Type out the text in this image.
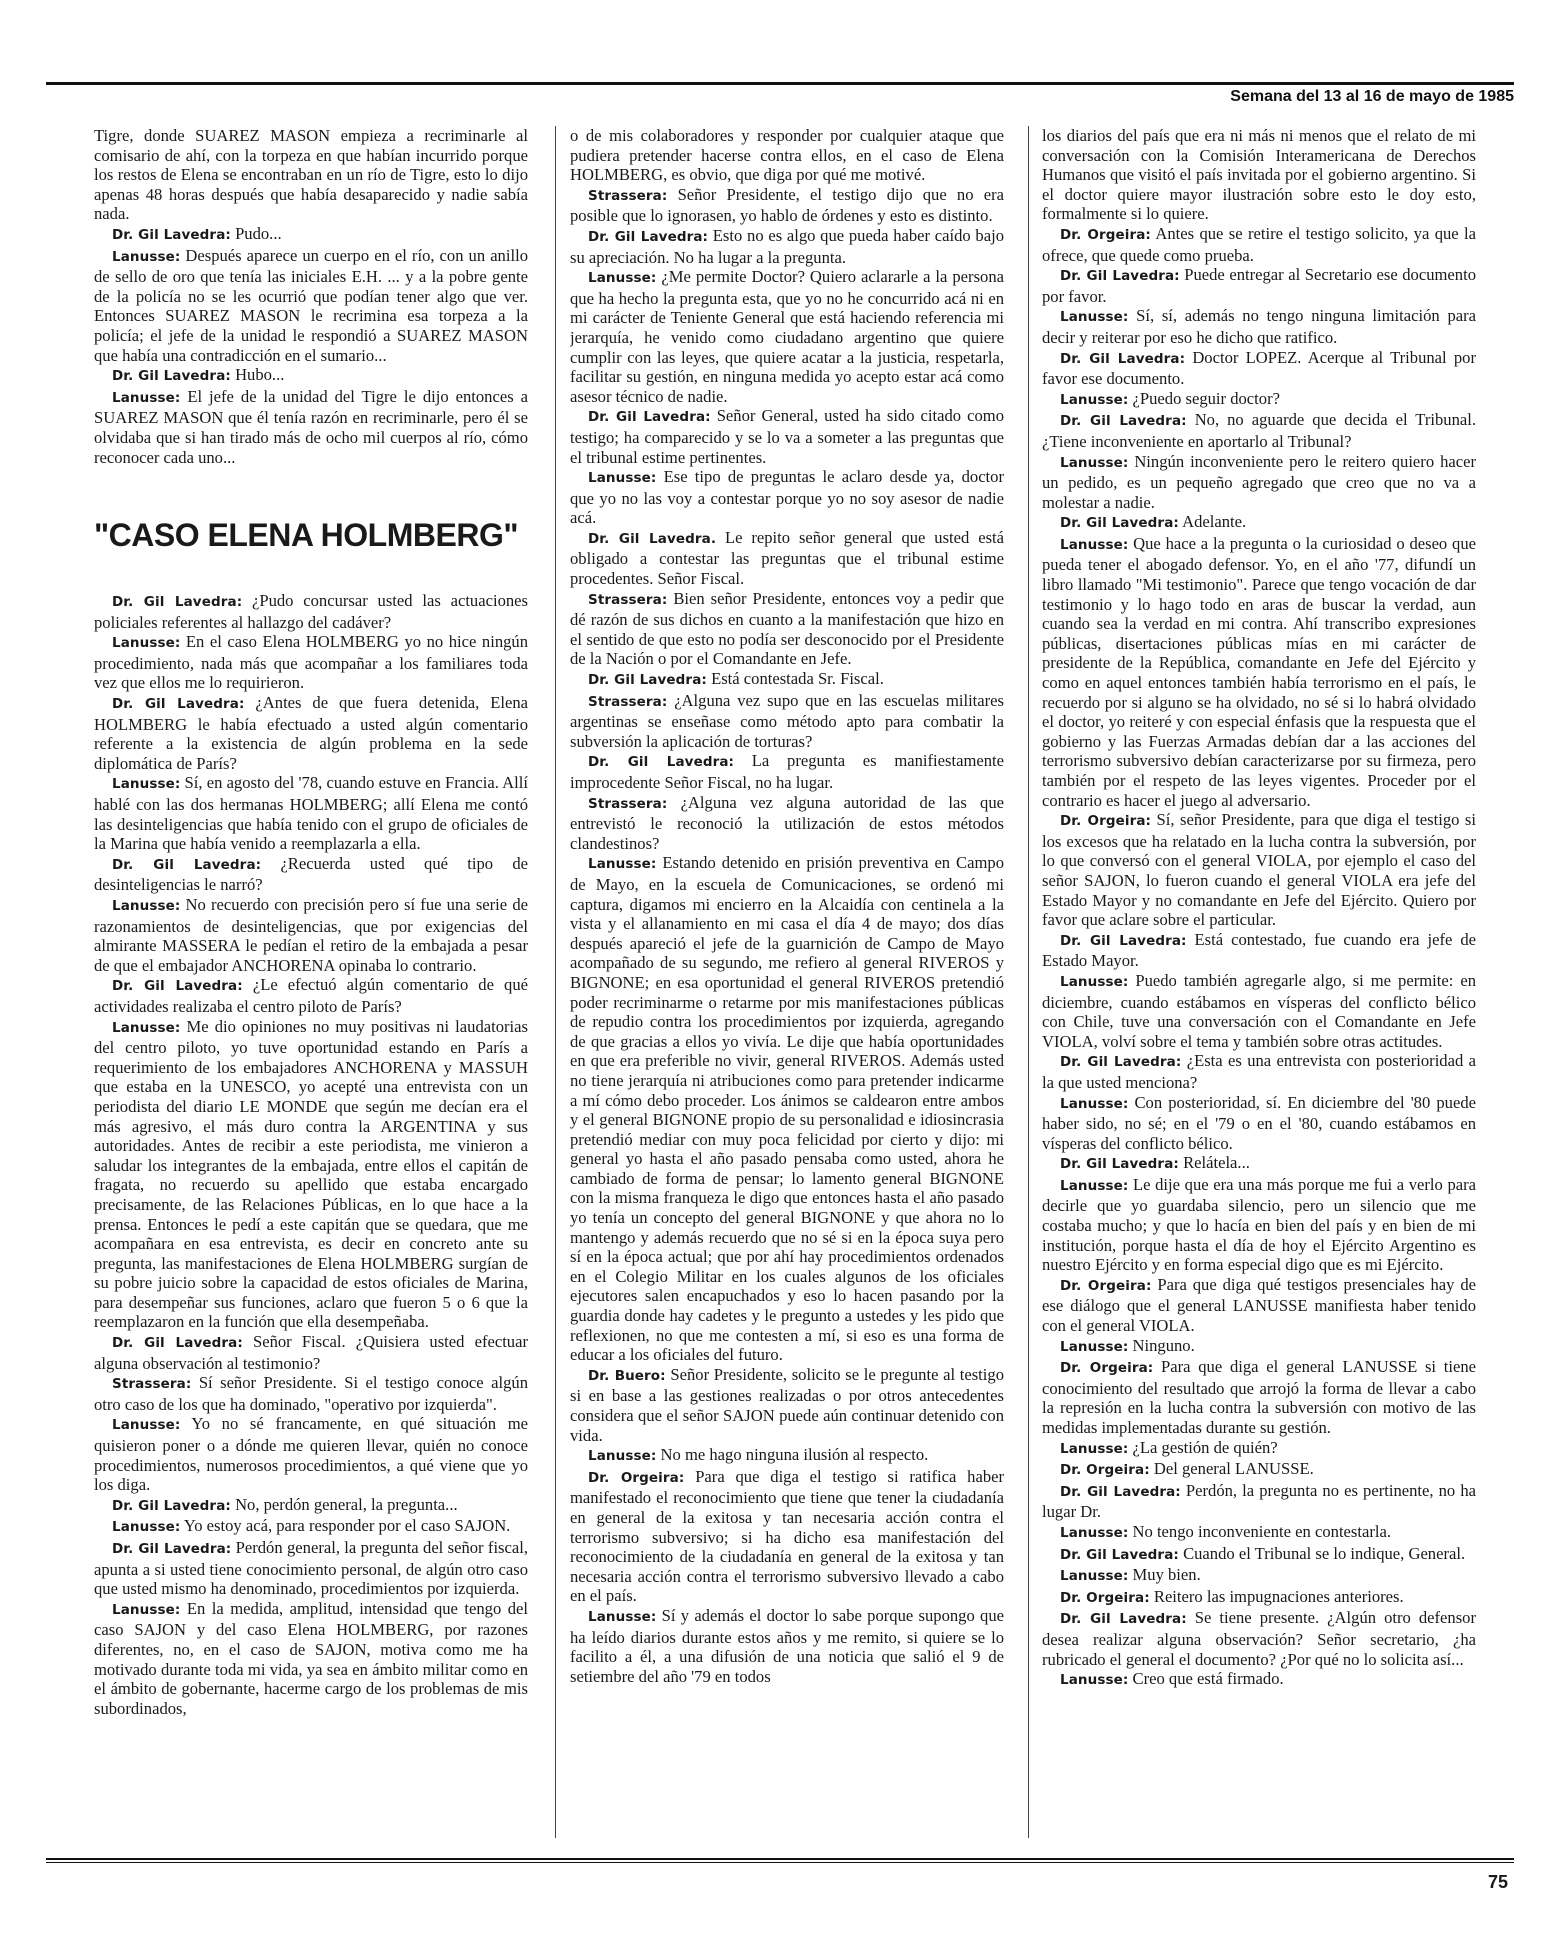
Semana del 13 al 16 de mayo de 1985

Tigre, donde SUAREZ MASON empieza a recriminarle al comisario de ahí, con la torpeza en que habían incurrido porque los restos de Elena se encontraban en un río de Tigre, esto lo dijo apenas 48 horas después que había desaparecido y nadie sabía nada.

Dr. Gil Lavedra: Pudo...

Lanusse: Después aparece un cuerpo en el río, con un anillo de sello de oro que tenía las iniciales E.H. ... y a la pobre gente de la policía no se les ocurrió que podían tener algo que ver. Entonces SUAREZ MASON le recrimina esa torpeza a la policía; el jefe de la unidad le respondió a SUAREZ MASON que había una contradicción en el sumario...

Dr. Gil Lavedra: Hubo...

Lanusse: El jefe de la unidad del Tigre le dijo entonces a SUAREZ MASON que él tenía razón en recriminarle, pero él se olvidaba que si han tirado más de ocho mil cuerpos al río, cómo reconocer cada uno...

"CASO ELENA HOLMBERG"

Dr. Gil Lavedra: ¿Pudo concursar usted las actuaciones policiales referentes al hallazgo del cadáver?

Lanusse: En el caso Elena HOLMBERG yo no hice ningún procedimiento, nada más que acompañar a los familiares toda vez que ellos me lo requirieron.

Dr. Gil Lavedra: ¿Antes de que fuera detenida, Elena HOLMBERG le había efectuado a usted algún comentario referente a la existencia de algún problema en la sede diplomática de París?

Lanusse: Sí, en agosto del '78, cuando estuve en Francia. Allí hablé con las dos hermanas HOLMBERG; allí Elena me contó las desinteligencias que había tenido con el grupo de oficiales de la Marina que había venido a reemplazarla a ella.

Dr. Gil Lavedra: ¿Recuerda usted qué tipo de desinteligencias le narró?

Lanusse: No recuerdo con precisión pero sí fue una serie de razonamientos de desinteligencias, que por exigencias del almirante MASSERA le pedían el retiro de la embajada a pesar de que el embajador ANCHORENA opinaba lo contrario.

Dr. Gil Lavedra: ¿Le efectuó algún comentario de qué actividades realizaba el centro piloto de París?

Lanusse: Me dio opiniones no muy positivas ni laudatorias del centro piloto, yo tuve oportunidad estando en París a requerimiento de los embajadores ANCHORENA y MASSUH que estaba en la UNESCO, yo acepté una entrevista con un periodista del diario LE MONDE que según me decían era el más agresivo, el más duro contra la ARGENTINA y sus autoridades. Antes de recibir a este periodista, me vinieron a saludar los integrantes de la embajada, entre ellos el capitán de fragata, no recuerdo su apellido que estaba encargado precisamente, de las Relaciones Públicas, en lo que hace a la prensa. Entonces le pedí a este capitán que se quedara, que me acompañara en esa entrevista, es decir en concreto ante su pregunta, las manifestaciones de Elena HOLMBERG surgían de su pobre juicio sobre la capacidad de estos oficiales de Marina, para desempeñar sus funciones, aclaro que fueron 5 o 6 que la reemplazaron en la función que ella desempeñaba.

Dr. Gil Lavedra: Señor Fiscal. ¿Quisiera usted efectuar alguna observación al testimonio?

Strassera: Sí señor Presidente. Si el testigo conoce algún otro caso de los que ha dominado, "operativo por izquierda".

Lanusse: Yo no sé francamente, en qué situación me quisieron poner o a dónde me quieren llevar, quién no conoce procedimientos, numerosos procedimientos, a qué viene que yo los diga.

Dr. Gil Lavedra: No, perdón general, la pregunta...

Lanusse: Yo estoy acá, para responder por el caso SAJON.

Dr. Gil Lavedra: Perdón general, la pregunta del señor fiscal, apunta a si usted tiene conocimiento personal, de algún otro caso que usted mismo ha denominado, procedimientos por izquierda.

Lanusse: En la medida, amplitud, intensidad que tengo del caso SAJON y del caso Elena HOLMBERG, por razones diferentes, no, en el caso de SAJON, motiva como me ha motivado durante toda mi vida, ya sea en ámbito militar como en el ámbito de gobernante, hacerme cargo de los problemas de mis subordinados,

o de mis colaboradores y responder por cualquier ataque que pudiera pretender hacerse contra ellos, en el caso de Elena HOLMBERG, es obvio, que diga por qué me motivé.

Strassera: Señor Presidente, el testigo dijo que no era posible que lo ignorasen, yo hablo de órdenes y esto es distinto.

Dr. Gil Lavedra: Esto no es algo que pueda haber caído bajo su apreciación. No ha lugar a la pregunta.

Lanusse: ¿Me permite Doctor? Quiero aclararle a la persona que ha hecho la pregunta esta, que yo no he concurrido acá ni en mi carácter de Teniente General que está haciendo referencia mi jerarquía, he venido como ciudadano argentino que quiere cumplir con las leyes, que quiere acatar a la justicia, respetarla, facilitar su gestión, en ninguna medida yo acepto estar acá como asesor técnico de nadie.

Dr. Gil Lavedra: Señor General, usted ha sido citado como testigo; ha comparecido y se lo va a someter a las preguntas que el tribunal estime pertinentes.

Lanusse: Ese tipo de preguntas le aclaro desde ya, doctor que yo no las voy a contestar porque yo no soy asesor de nadie acá.

Dr. Gil Lavedra. Le repito señor general que usted está obligado a contestar las preguntas que el tribunal estime procedentes. Señor Fiscal.

Strassera: Bien señor Presidente, entonces voy a pedir que dé razón de sus dichos en cuanto a la manifestación que hizo en el sentido de que esto no podía ser desconocido por el Presidente de la Nación o por el Comandante en Jefe.

Dr. Gil Lavedra: Está contestada Sr. Fiscal.

Strassera: ¿Alguna vez supo que en las escuelas militares argentinas se enseñase como método apto para combatir la subversión la aplicación de torturas?

Dr. Gil Lavedra: La pregunta es manifiestamente improcedente Señor Fiscal, no ha lugar.

Strassera: ¿Alguna vez alguna autoridad de las que entrevistó le reconoció la utilización de estos métodos clandestinos?

Lanusse: Estando detenido en prisión preventiva en Campo de Mayo, en la escuela de Comunicaciones, se ordenó mi captura, digamos mi encierro en la Alcaidía con centinela a la vista y el allanamiento en mi casa el día 4 de mayo; dos días después apareció el jefe de la guarnición de Campo de Mayo acompañado de su segundo, me refiero al general RIVEROS y BIGNONE; en esa oportunidad el general RIVEROS pretendió poder recriminarme o retarme por mis manifestaciones públicas de repudio contra los procedimientos por izquierda, agregando de que gracias a ellos yo vivía. Le dije que había oportunidades en que era preferible no vivir, general RIVEROS. Además usted no tiene jerarquía ni atribuciones como para pretender indicarme a mí cómo debo proceder. Los ánimos se caldearon entre ambos y el general BIGNONE propio de su personalidad e idiosincrasia pretendió mediar con muy poca felicidad por cierto y dijo: mi general yo hasta el año pasado pensaba como usted, ahora he cambiado de forma de pensar; lo lamento general BIGNONE con la misma franqueza le digo que entonces hasta el año pasado yo tenía un concepto del general BIGNONE y que ahora no lo mantengo y además recuerdo que no sé si en la época suya pero sí en la época actual; que por ahí hay procedimientos ordenados en el Colegio Militar en los cuales algunos de los oficiales ejecutores salen encapuchados y eso lo hacen pasando por la guardia donde hay cadetes y le pregunto a ustedes y les pido que reflexionen, no que me contesten a mí, si eso es una forma de educar a los oficiales del futuro.

Dr. Buero: Señor Presidente, solicito se le pregunte al testigo si en base a las gestiones realizadas o por otros antecedentes considera que el señor SAJON puede aún continuar detenido con vida.

Lanusse: No me hago ninguna ilusión al respecto.

Dr. Orgeira: Para que diga el testigo si ratifica haber manifestado el reconocimiento que tiene que tener la ciudadanía en general de la exitosa y tan necesaria acción contra el terrorismo subversivo; si ha dicho esa manifestación del reconocimiento de la ciudadanía en general de la exitosa y tan necesaria acción contra el terrorismo subversivo llevado a cabo en el país.

Lanusse: Sí y además el doctor lo sabe porque supongo que ha leído diarios durante estos años y me remito, si quiere se lo facilito a él, a una difusión de una noticia que salió el 9 de setiembre del año '79 en todos

los diarios del país que era ni más ni menos que el relato de mi conversación con la Comisión Interamericana de Derechos Humanos que visitó el país invitada por el gobierno argentino. Si el doctor quiere mayor ilustración sobre esto le doy esto, formalmente si lo quiere.

Dr. Orgeira: Antes que se retire el testigo solicito, ya que la ofrece, que quede como prueba.

Dr. Gil Lavedra: Puede entregar al Secretario ese documento por favor.

Lanusse: Sí, sí, además no tengo ninguna limitación para decir y reiterar por eso he dicho que ratifico.

Dr. Gil Lavedra: Doctor LOPEZ. Acerque al Tribunal por favor ese documento.

Lanusse: ¿Puedo seguir doctor?

Dr. Gil Lavedra: No, no aguarde que decida el Tribunal. ¿Tiene inconveniente en aportarlo al Tribunal?

Lanusse: Ningún inconveniente pero le reitero quiero hacer un pedido, es un pequeño agregado que creo que no va a molestar a nadie.

Dr. Gil Lavedra: Adelante.

Lanusse: Que hace a la pregunta o la curiosidad o deseo que pueda tener el abogado defensor. Yo, en el año '77, difundí un libro llamado "Mi testimonio". Parece que tengo vocación de dar testimonio y lo hago todo en aras de buscar la verdad, aun cuando sea la verdad en mi contra. Ahí transcribo expresiones públicas, disertaciones públicas mías en mi carácter de presidente de la República, comandante en Jefe del Ejército y como en aquel entonces también había terrorismo en el país, le recuerdo por si alguno se ha olvidado, no sé si lo habrá olvidado el doctor, yo reiteré y con especial énfasis que la respuesta que el gobierno y las Fuerzas Armadas debían dar a las acciones del terrorismo subversivo debían caracterizarse por su firmeza, pero también por el respeto de las leyes vigentes. Proceder por el contrario es hacer el juego al adversario.

Dr. Orgeira: Sí, señor Presidente, para que diga el testigo si los excesos que ha relatado en la lucha contra la subversión, por lo que conversó con el general VIOLA, por ejemplo el caso del señor SAJON, lo fueron cuando el general VIOLA era jefe del Estado Mayor y no comandante en Jefe del Ejército. Quiero por favor que aclare sobre el particular.

Dr. Gil Lavedra: Está contestado, fue cuando era jefe de Estado Mayor.

Lanusse: Puedo también agregarle algo, si me permite: en diciembre, cuando estábamos en vísperas del conflicto bélico con Chile, tuve una conversación con el Comandante en Jefe VIOLA, volví sobre el tema y también sobre otras actitudes.

Dr. Gil Lavedra: ¿Esta es una entrevista con posterioridad a la que usted menciona?

Lanusse: Con posterioridad, sí. En diciembre del '80 puede haber sido, no sé; en el '79 o en el '80, cuando estábamos en vísperas del conflicto bélico.

Dr. Gil Lavedra: Relátela...

Lanusse: Le dije que era una más porque me fui a verlo para decirle que yo guardaba silencio, pero un silencio que me costaba mucho; y que lo hacía en bien del país y en bien de mi institución, porque hasta el día de hoy el Ejército Argentino es nuestro Ejército y en forma especial digo que es mi Ejército.

Dr. Orgeira: Para que diga qué testigos presenciales hay de ese diálogo que el general LANUSSE manifiesta haber tenido con el general VIOLA.

Lanusse: Ninguno.

Dr. Orgeira: Para que diga el general LANUSSE si tiene conocimiento del resultado que arrojó la forma de llevar a cabo la represión en la lucha contra la subversión con motivo de las medidas implementadas durante su gestión.

Lanusse: ¿La gestión de quién?

Dr. Orgeira: Del general LANUSSE.

Dr. Gil Lavedra: Perdón, la pregunta no es pertinente, no ha lugar Dr.

Lanusse: No tengo inconveniente en contestarla.

Dr. Gil Lavedra: Cuando el Tribunal se lo indique, General.

Lanusse: Muy bien.

Dr. Orgeira: Reitero las impugnaciones anteriores.

Dr. Gil Lavedra: Se tiene presente. ¿Algún otro defensor desea realizar alguna observación? Señor secretario, ¿ha rubricado el general el documento? ¿Por qué no lo solicita así...

Lanusse: Creo que está firmado.

75
